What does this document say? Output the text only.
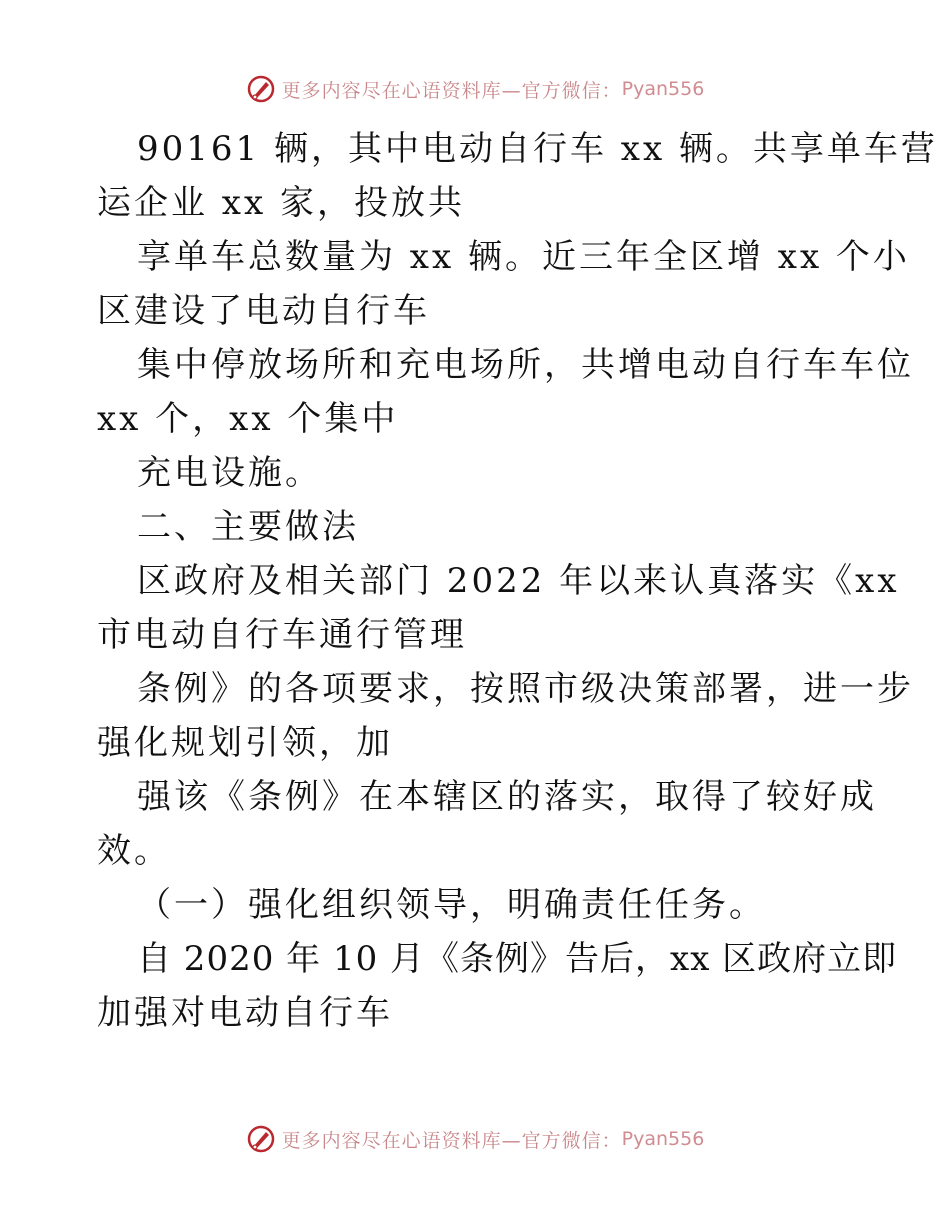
更多内容尽在心语资料库—官方微信： Pyan556
90161 辆，其中电动自行车 xx 辆。共享单车营
运企业 xx 家，投放共
享单车总数量为 xx 辆。近三年全区增 xx 个小
区建设了电动自行车
集中停放场所和充电场所，共增电动自行车车位
xx 个，xx 个集中
充电设施。
二、主要做法
区政府及相关部门 2022 年以来认真落实《xx
市电动自行车通行管理
条例》的各项要求，按照市级决策部署，进一步
强化规划引领，加
强该《条例》在本辖区的落实，取得了较好成
效。
（一）强化组织领导，明确责任任务。
自 2020 年 10 月《条例》告后，xx 区政府立即
加强对电动自行车
更多内容尽在心语资料库—官方微信： Pyan556
